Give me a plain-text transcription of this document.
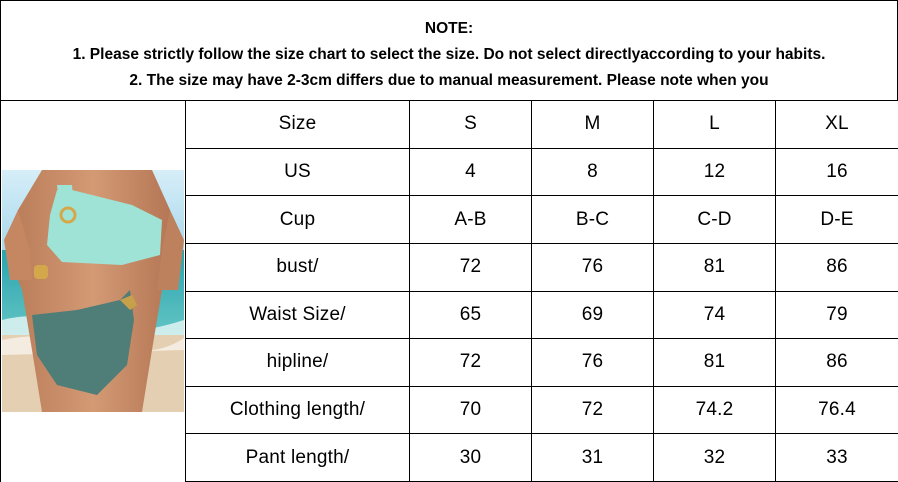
NOTE:
1. Please strictly follow the size chart to select the size. Do not select directlyaccording to your habits.
2. The size may have 2-3cm differs due to manual measurement. Please note when you
Size	S	M	L	XL
US	4	8	12	16
Cup	A-B	B-C	C-D	D-E
bust/	72	76	81	86
Waist Size/	65	69	74	79
hipline/	72	76	81	86
Clothing length/	70	72	74.2	76.4
Pant length/	30	31	32	33
